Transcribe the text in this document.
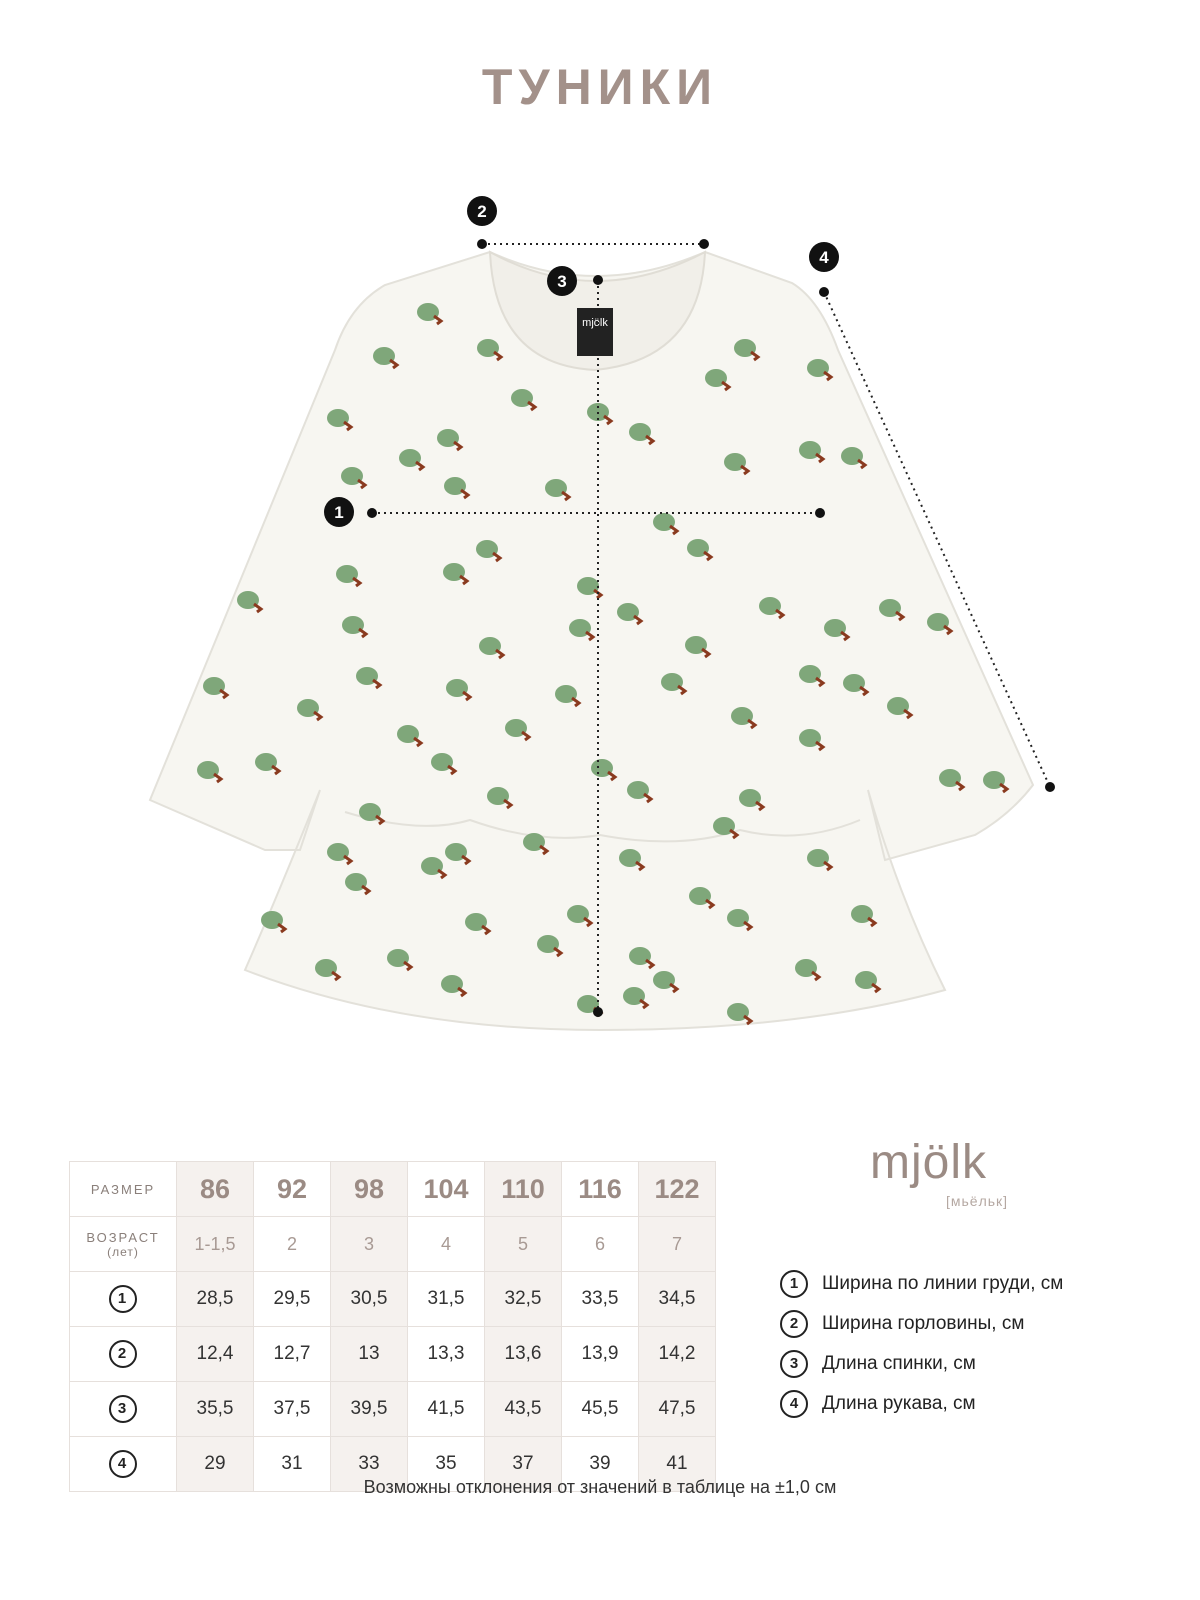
ТУНИКИ
mjölk
1
2
3
4
РАЗМЕР	86	92	98	104	110	116	122
ВОЗРАСТ
(лет)	1-1,5	2	3	4	5	6	7
1	28,5	29,5	30,5	31,5	32,5	33,5	34,5
2	12,4	12,7	13	13,3	13,6	13,9	14,2
3	35,5	37,5	39,5	41,5	43,5	45,5	47,5
4	29	31	33	35	37	39	41
mjölk
[мьёльк]
1	Ширина по линии груди, см
2	Ширина горловины, см
3	Длина спинки, см
4	Длина рукава, см
Возможны отклонения от значений в таблице на ±1,0 см
